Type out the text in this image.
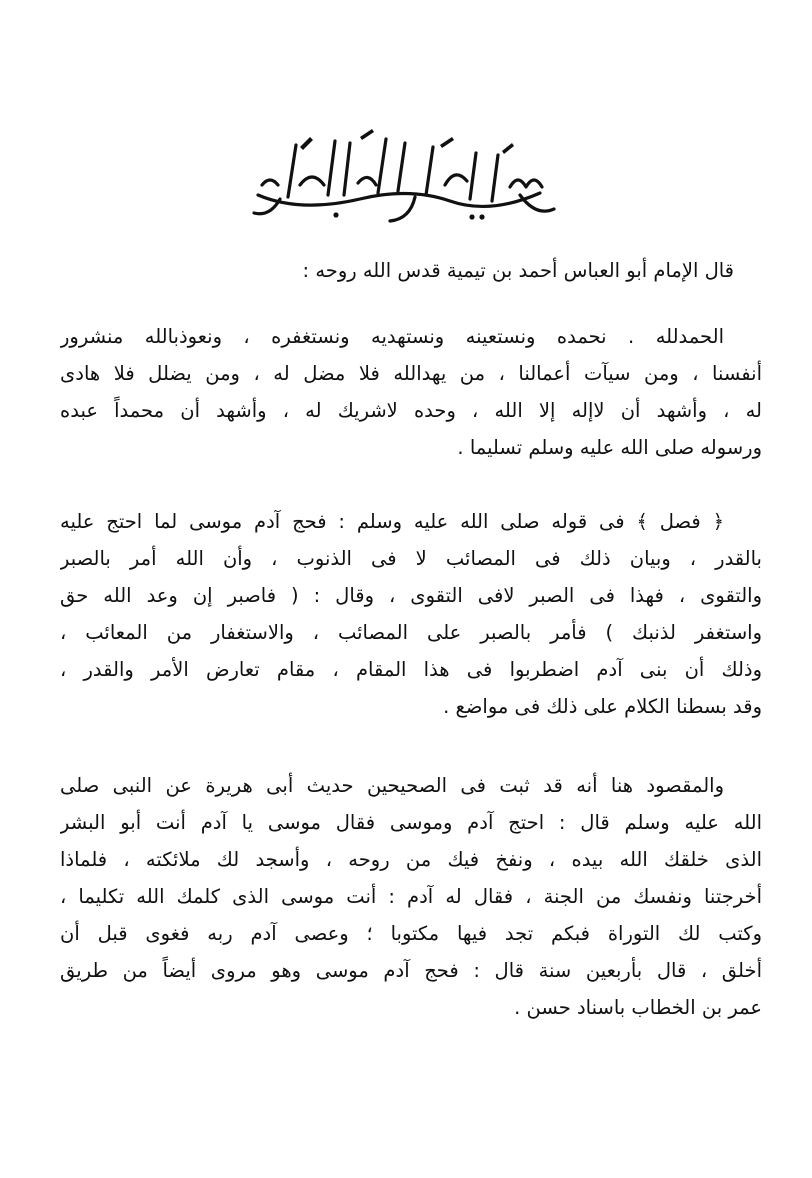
قال الإمام أبو العباس أحمد بن تيمية قدس الله روحه :
الحمدلله . نحمده ونستعينه ونستهديه ونستغفره ، ونعوذبالله منشرور
أنفسنا ، ومن سيآت أعمالنا ، من يهدالله فلا مضل له ، ومن يضلل فلا هادى
له ، وأشهد أن لاإله إلا الله ، وحده لاشريك له ، وأشهد أن محمداً عبده
ورسوله صلى الله عليه وسلم تسليما .
﴿ فصل ﴾ فى قوله صلى الله عليه وسلم : فحج آدم موسى لما احتج عليه
بالقدر ، وبيان ذلك فى المصائب لا فى الذنوب ، وأن الله أمر بالصبر
والتقوى ، فهذا فى الصبر لافى التقوى ، وقال : ( فاصبر إن وعد الله حق
واستغفر لذنبك ) فأمر بالصبر على المصائب ، والاستغفار من المعائب ،
وذلك أن بنى آدم اضطربوا فى هذا المقام ، مقام تعارض الأمر والقدر ،
وقد بسطنا الكلام على ذلك فى مواضع .
والمقصود هنا أنه قد ثبت فى الصحيحين حديث أبى هريرة عن النبى صلى
الله عليه وسلم قال : احتج آدم وموسى فقال موسى يا آدم أنت أبو البشر
الذى خلقك الله بيده ، ونفخ فيك من روحه ، وأسجد لك ملائكته ، فلماذا
أخرجتنا ونفسك من الجنة ، فقال له آدم : أنت موسى الذى كلمك الله تكليما ،
وكتب لك التوراة فبكم تجد فيها مكتوبا ؛ وعصى آدم ربه فغوى قبل أن
أخلق ، قال بأربعين سنة قال : فحج آدم موسى وهو مروى أيضاً من طريق
عمر بن الخطاب باسناد حسن .
